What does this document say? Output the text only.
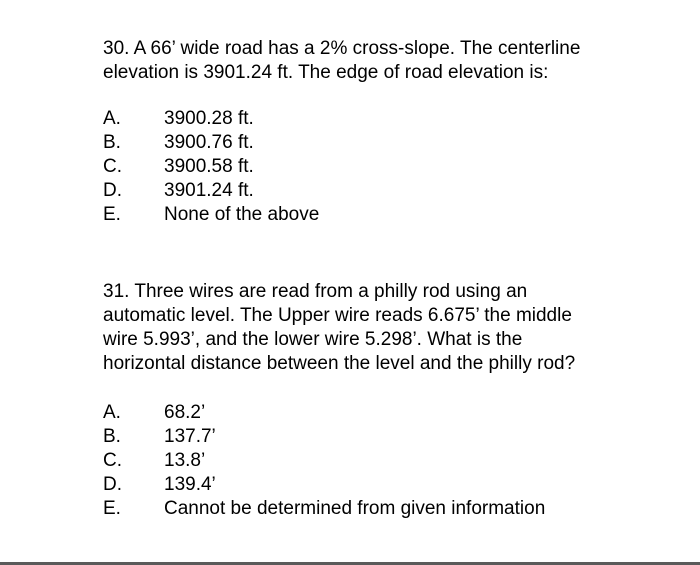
30. A 66’ wide road has a 2% cross-slope. The centerline elevation is 3901.24 ft. The edge of road elevation is:

A.	3900.28 ft.
B.	3900.76 ft.
C.	3900.58 ft.
D.	3901.24 ft.
E.	None of the above

31. Three wires are read from a philly rod using an automatic level. The Upper wire reads 6.675’ the middle wire 5.993’, and the lower wire 5.298’. What is the horizontal distance between the level and the philly rod?

A.	68.2’
B.	137.7’
C.	13.8’
D.	139.4’
E.	Cannot be determined from given information
